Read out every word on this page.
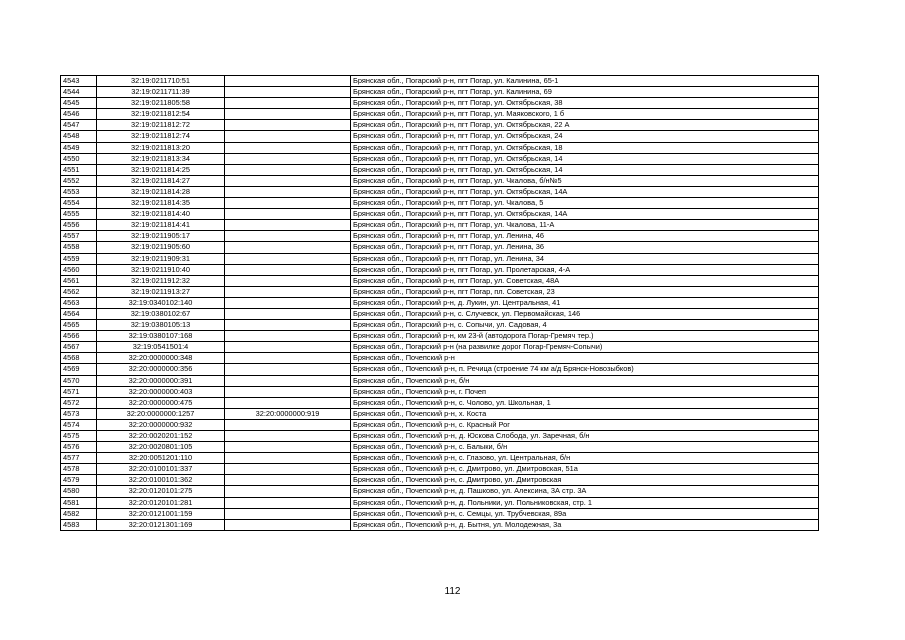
4543	32:19:0211710:51		Брянская обл., Погарский р-н, пгт Погар, ул. Калинина, 65-1
4544	32:19:0211711:39		Брянская обл., Погарский р-н, пгт Погар, ул. Калинина, 69
4545	32:19:0211805:58		Брянская обл., Погарский р-н, пгт Погар, ул. Октябрьская, 38
4546	32:19:0211812:54		Брянская обл., Погарский р-н, пгт Погар, ул. Маяковского, 1 б
4547	32:19:0211812:72		Брянская обл., Погарский р-н, пгт Погар, ул. Октябрьская, 22 А
4548	32:19:0211812:74		Брянская обл., Погарский р-н, пгт Погар, ул. Октябрьская, 24
4549	32:19:0211813:20		Брянская обл., Погарский р-н, пгт Погар, ул. Октябрьская, 18
4550	32:19:0211813:34		Брянская обл., Погарский р-н, пгт Погар, ул. Октябрьская, 14
4551	32:19:0211814:25		Брянская обл., Погарский р-н, пгт Погар, ул. Октябрьская, 14
4552	32:19:0211814:27		Брянская обл., Погарский р-н, пгт Погар, ул. Чкалова, б/н№5
4553	32:19:0211814:28		Брянская обл., Погарский р-н, пгт Погар, ул. Октябрьская, 14А
4554	32:19:0211814:35		Брянская обл., Погарский р-н, пгт Погар, ул. Чкалова, 5
4555	32:19:0211814:40		Брянская обл., Погарский р-н, пгт Погар, ул. Октябрьская, 14А
4556	32:19:0211814:41		Брянская обл., Погарский р-н, пгт Погар, ул. Чкалова, 11-А
4557	32:19:0211905:17		Брянская обл., Погарский р-н, пгт Погар, ул. Ленина, 46
4558	32:19:0211905:60		Брянская обл., Погарский р-н, пгт Погар, ул. Ленина, 36
4559	32:19:0211909:31		Брянская обл., Погарский р-н, пгт Погар, ул. Ленина, 34
4560	32:19:0211910:40		Брянская обл., Погарский р-н, пгт Погар, ул. Пролетарская, 4-А
4561	32:19:0211912:32		Брянская обл., Погарский р-н, пгт Погар, ул. Советская, 48А
4562	32:19:0211913:27		Брянская обл., Погарский р-н, пгт Погар, пл. Советская, 23
4563	32:19:0340102:140		Брянская обл., Погарский р-н, д. Лукин, ул. Центральная, 41
4564	32:19:0380102:67		Брянская обл., Погарский р-н, с. Случевск, ул. Первомайская, 146
4565	32:19:0380105:13		Брянская обл., Погарский р-н, с. Сопычи, ул. Садовая, 4
4566	32:19:0380107:168		Брянская обл., Погарский р-н, км 23-й (автодорога Погар-Гремяч тер.)
4567	32:19:0541501:4		Брянская обл., Погарский р-н (на развилке дорог Погар-Гремяч-Сопычи)
4568	32:20:0000000:348		Брянская обл., Почепский р-н
4569	32:20:0000000:356		Брянская обл., Почепский р-н, п. Речица (строение 74 км а/д Брянск-Новозыбков)
4570	32:20:0000000:391		Брянская обл., Почепский р-н, б/н
4571	32:20:0000000:403		Брянская обл., Почепский р-н, г. Почеп
4572	32:20:0000000:475		Брянская обл., Почепский р-н, с. Чолово, ул. Школьная, 1
4573	32:20:0000000:1257	32:20:0000000:919	Брянская обл., Почепский р-н, х. Коста
4574	32:20:0000000:932		Брянская обл., Почепский р-н, с. Красный Рог
4575	32:20:0020201:152		Брянская обл., Почепский р-н, д. Юскова Слобода, ул. Заречная, б/н
4576	32:20:0020801:105		Брянская обл., Почепский р-н, с. Балыки, б/н
4577	32:20:0051201:110		Брянская обл., Почепский р-н, с. Глазово, ул. Центральная, б/н
4578	32:20:0100101:337		Брянская обл., Почепский р-н, с. Дмитрово, ул. Дмитровская, 51а
4579	32:20:0100101:362		Брянская обл., Почепский р-н, с. Дмитрово, ул. Дмитровская
4580	32:20:0120101:275		Брянская обл., Почепский р-н, д. Пашково, ул. Алексина, 3А стр. 3А
4581	32:20:0120101:281		Брянская обл., Почепский р-н, д. Польники, ул. Польниковская, стр. 1
4582	32:20:0121001:159		Брянская обл., Почепский р-н, с. Семцы, ул. Трубчевская, 89а
4583	32:20:0121301:169		Брянская обл., Почепский р-н, д. Бытня, ул. Молодежная, 3а
112
